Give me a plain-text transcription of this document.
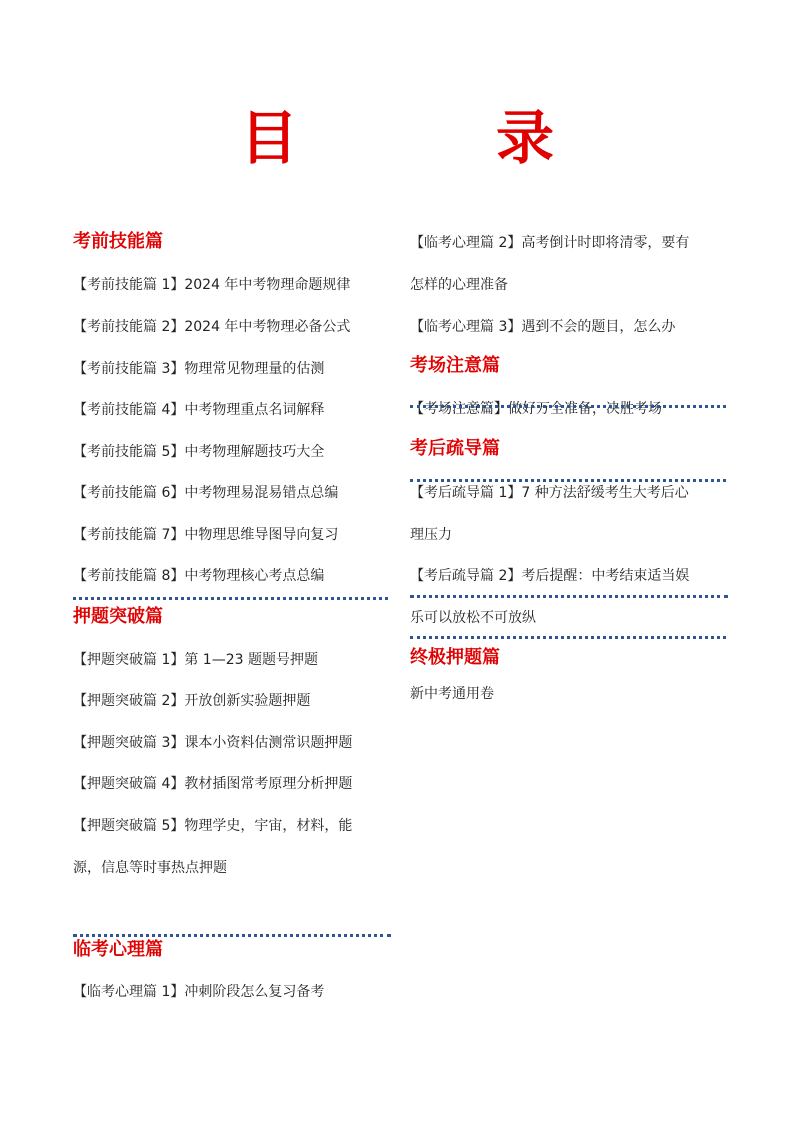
目　录
考前技能篇
【考前技能篇 1】2024 年中考物理命题规律
【考前技能篇 2】2024 年中考物理必备公式
【考前技能篇 3】物理常见物理量的估测
【考前技能篇 4】中考物理重点名词解释
【考前技能篇 5】中考物理解题技巧大全
【考前技能篇 6】中考物理易混易错点总编
【考前技能篇 7】中物理思维导图导向复习
【考前技能篇 8】中考物理核心考点总编
押题突破篇
【押题突破篇 1】第 1—23 题题号押题
【押题突破篇 2】开放创新实验题押题
【押题突破篇 3】课本小资料估测常识题押题
【押题突破篇 4】教材插图常考原理分析押题
【押题突破篇 5】物理学史，宇宙，材料，能
源，信息等时事热点押题
临考心理篇
【临考心理篇 1】冲刺阶段怎么复习备考
【临考心理篇 2】高考倒计时即将清零，要有
怎样的心理准备
【临考心理篇 3】遇到不会的题目，怎么办
考场注意篇
【考场注意篇】做好万全准备，决胜考场
考后疏导篇
【考后疏导篇 1】7 种方法舒缓考生大考后心
理压力
【考后疏导篇 2】考后提醒：中考结束适当娱
乐可以放松不可放纵
终极押题篇
新中考通用卷
